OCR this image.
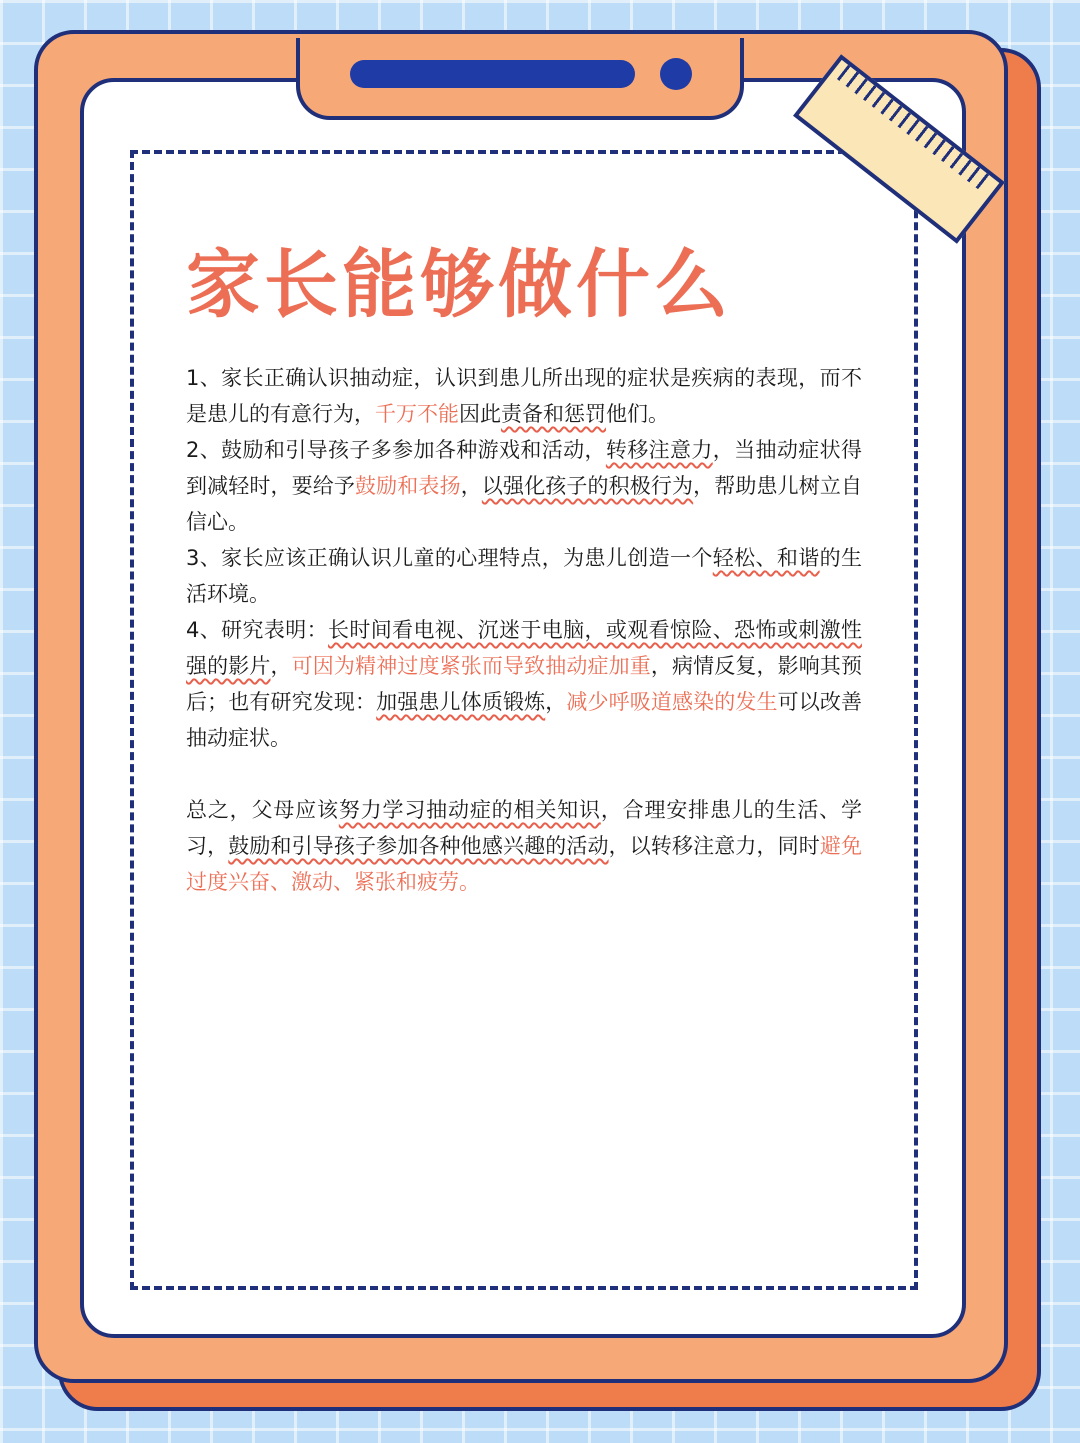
家长能够做什么

1、家长正确认识抽动症，认识到患儿所出现的症状是疾病的表现，而不是患儿的有意行为，千万不能因此责备和惩罚他们。

2、鼓励和引导孩子多参加各种游戏和活动，转移注意力，当抽动症状得到减轻时，要给予鼓励和表扬，以强化孩子的积极行为，帮助患儿树立自信心。

3、家长应该正确认识儿童的心理特点，为患儿创造一个轻松、和谐的生活环境。

4、研究表明：长时间看电视、沉迷于电脑，或观看惊险、恐怖或刺激性强的影片，可因为精神过度紧张而导致抽动症加重，病情反复，影响其预后；也有研究发现：加强患儿体质锻炼，减少呼吸道感染的发生可以改善抽动症状。

总之，父母应该努力学习抽动症的相关知识，合理安排患儿的生活、学习，鼓励和引导孩子参加各种他感兴趣的活动，以转移注意力，同时避免过度兴奋、激动、紧张和疲劳。
